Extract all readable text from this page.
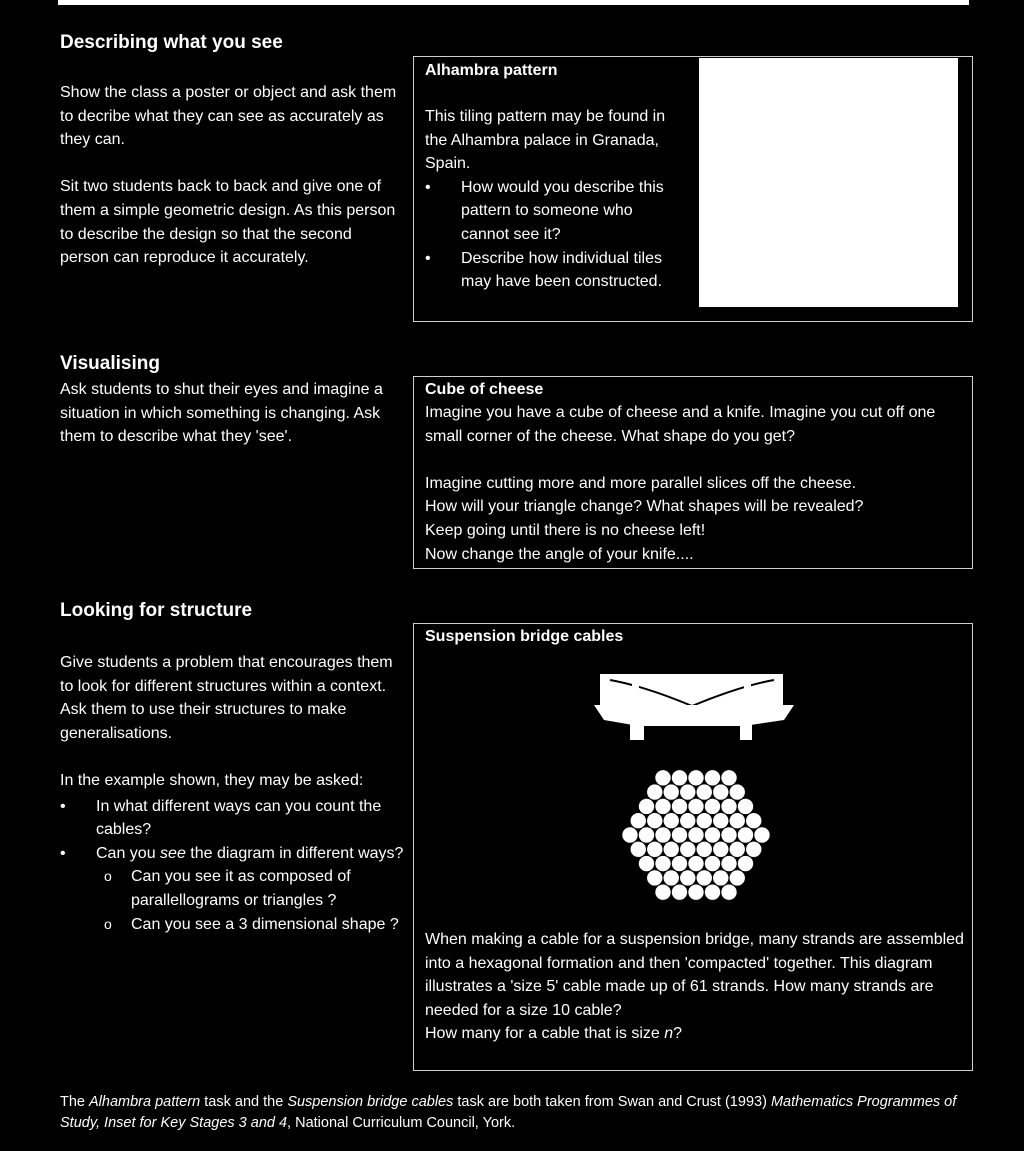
Describing what you see

Show the class a poster or object and ask them to decribe what they can see as accurately as they can.

Sit two students back to back and give one of them a simple geometric design. As this person to describe the design so that the second person can reproduce it accurately.

Alhambra pattern

This tiling pattern may be found in the Alhambra palace in Granada, Spain.

• How would you describe this pattern to someone who cannot see it?
• Describe how individual tiles may have been constructed.
Visualising

Ask students to shut their eyes and imagine a situation in which something is changing. Ask them to describe what they 'see'.

Cube of cheese

Imagine you have a cube of cheese and a knife. Imagine you cut off one small corner of the cheese. What shape do you get?

Imagine cutting more and more parallel slices off the cheese.

How will your triangle change? What shapes will be revealed?

Keep going until there is no cheese left!

Now change the angle of your knife....

Looking for structure

Give students a problem that encourages them to look for different structures within a context.

Ask them to use their structures to make generalisations.

In the example shown, they may be asked:

• In what different ways can you count the cables?
• Can you see the diagram in different ways?
o Can you see it as composed of parallellograms or triangles ?
o Can you see a 3 dimensional shape ?
Suspension bridge cables

When making a cable for a suspension bridge, many strands are assembled into a hexagonal formation and then 'compacted' together. This diagram illustrates a 'size 5' cable made up of 61 strands. How many strands are needed for a size 10 cable?

How many for a cable that is size n?

The Alhambra pattern task and the Suspension bridge cables task are both taken from Swan and Crust (1993) Mathematics Programmes of Study, Inset for Key Stages 3 and 4, National Curriculum Council, York.
